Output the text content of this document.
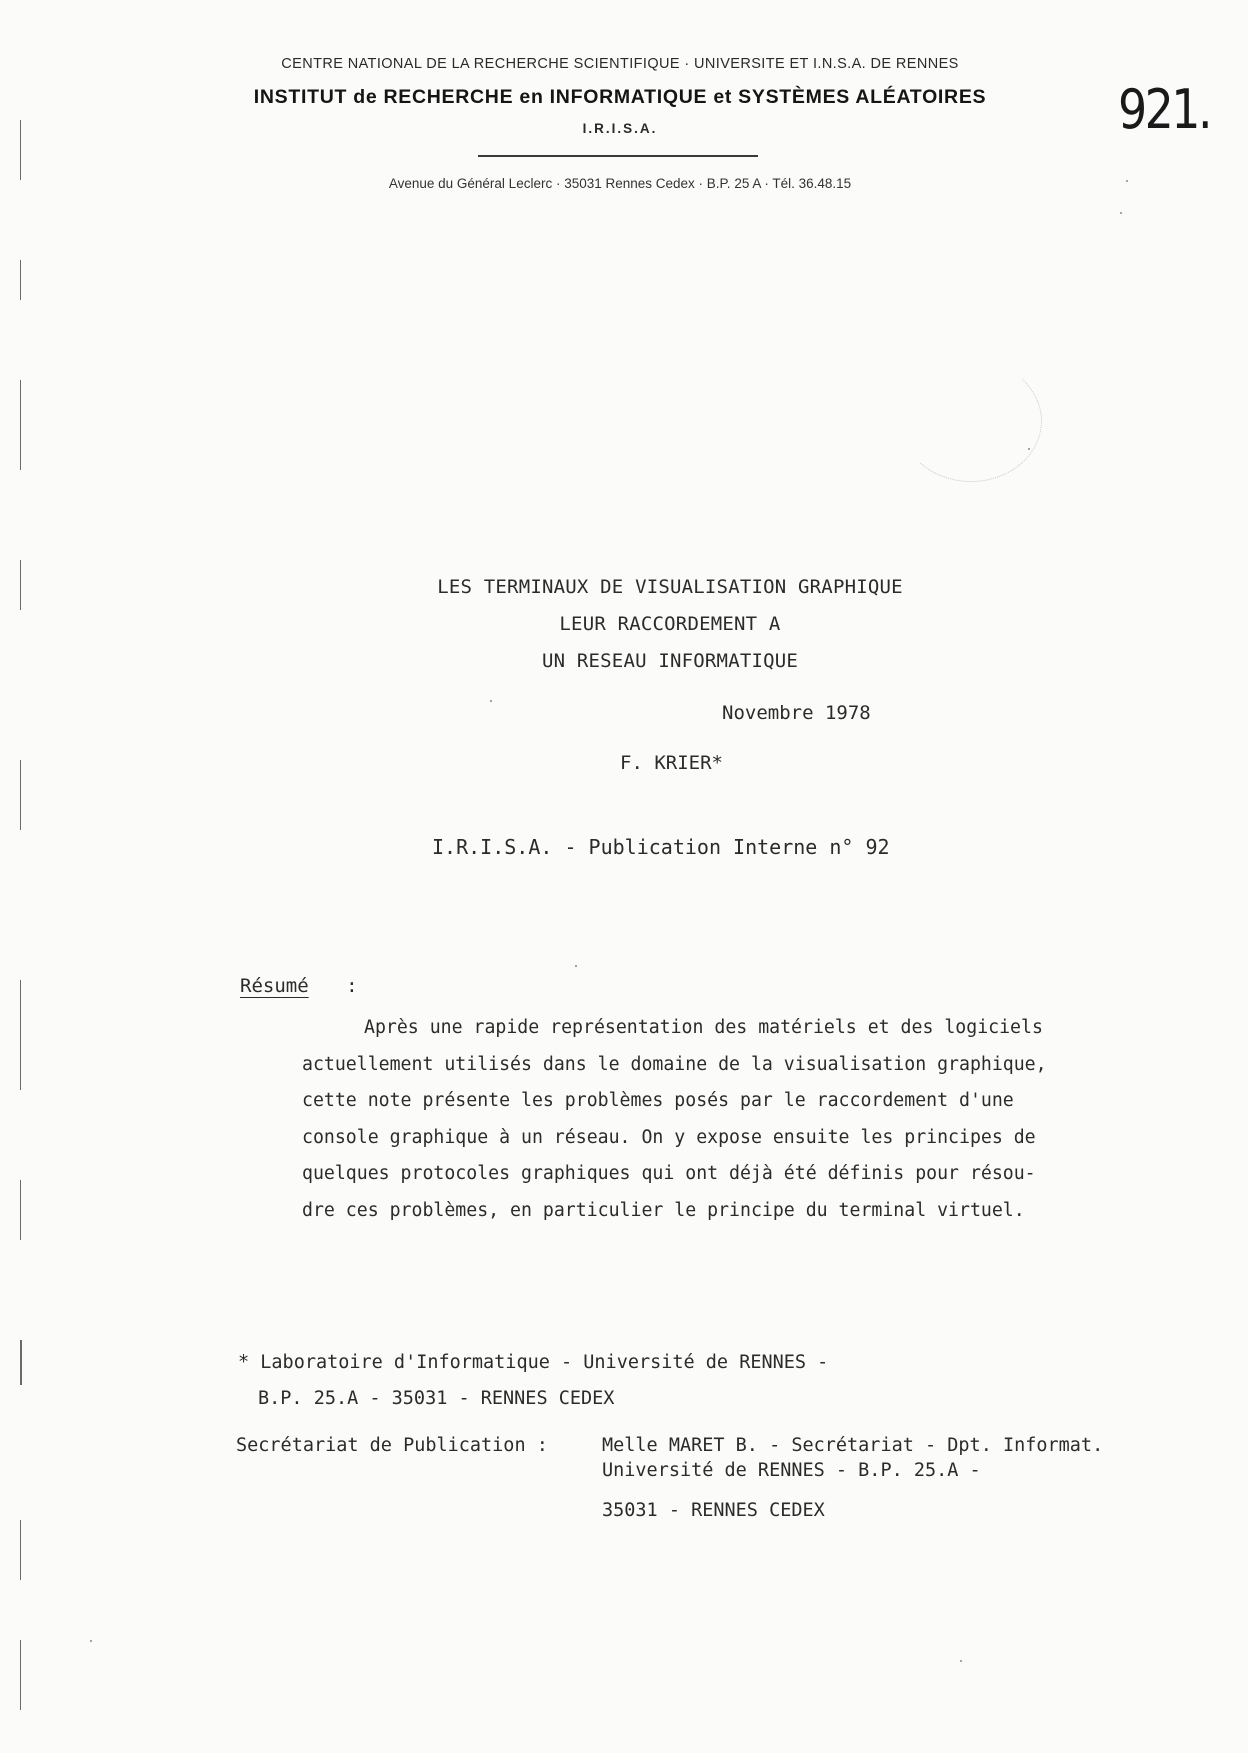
CENTRE NATIONAL DE LA RECHERCHE SCIENTIFIQUE · UNIVERSITE ET I.N.S.A. DE RENNES
INSTITUT de RECHERCHE en INFORMATIQUE et SYSTÈMES ALÉATOIRES
I.R.I.S.A.
Avenue du Général Leclerc · 35031 Rennes Cedex · B.P. 25 A · Tél. 36.48.15
921.
LES TERMINAUX DE VISUALISATION GRAPHIQUE
LEUR RACCORDEMENT A
UN RESEAU INFORMATIQUE
Novembre 1978
F. KRIER*
I.R.I.S.A. - Publication Interne n° 92
Résumé :
Après une rapide représentation des matériels et des logiciels
actuellement utilisés dans le domaine de la visualisation graphique,
cette note présente les problèmes posés par le raccordement d'une
console graphique à un réseau. On y expose ensuite les principes de
quelques protocoles graphiques qui ont déjà été définis pour résou-
dre ces problèmes, en particulier le principe du terminal virtuel.
* Laboratoire d'Informatique - Université de RENNES -
B.P. 25.A - 35031 - RENNES CEDEX
Secrétariat de Publication :	Melle MARET B. - Secrétariat - Dpt. Informat.
Université de RENNES - B.P. 25.A -
35031 - RENNES CEDEX
